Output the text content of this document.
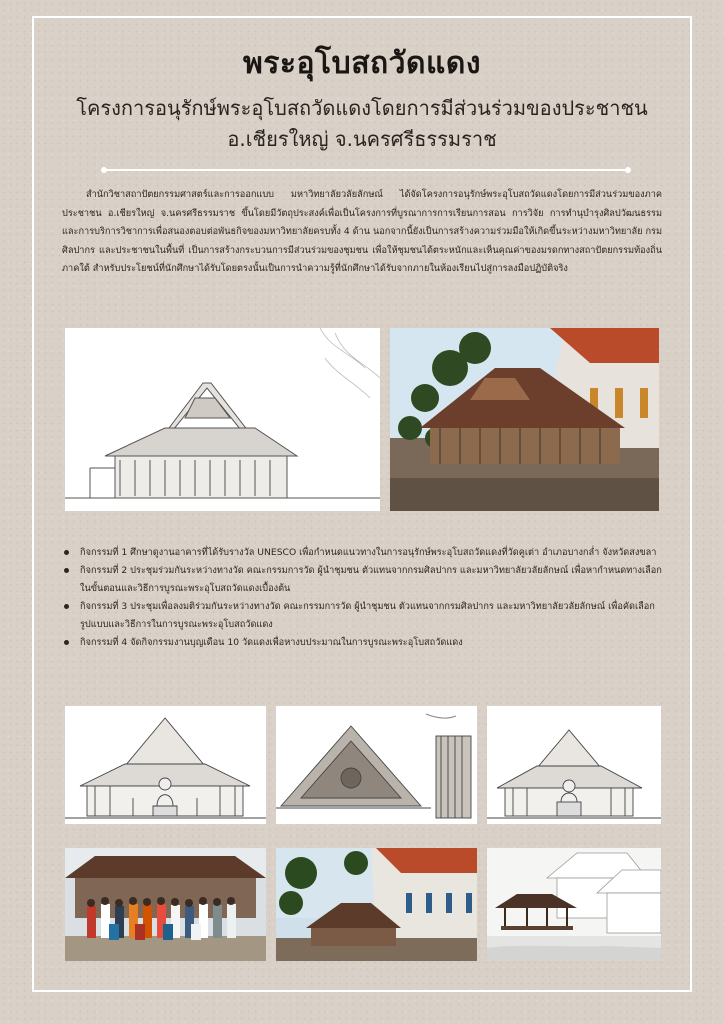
พระอุโบสถวัดแดง
โครงการอนุรักษ์พระอุโบสถวัดแดงโดยการมีส่วนร่วมของประชาชน
อ.เชียรใหญ่ จ.นครศรีธรรมราช

สำนักวิชาสถาปัตยกรรมศาสตร์และการออกแบบ มหาวิทยาลัยวลัยลักษณ์ ได้จัดโครงการอนุรักษ์พระอุโบสถวัดแดงโดยการมีส่วนร่วมของภาคประชาชน อ.เชียรใหญ่ จ.นครศรีธรรมราช ขึ้นโดยมีวัตถุประสงค์เพื่อเป็นโครงการที่บูรณาการการเรียนการสอน การวิจัย การทำนุบำรุงศิลปวัฒนธรรม และการบริการวิชาการเพื่อสนองตอบต่อพันธกิจของมหาวิทยาลัยครบทั้ง 4 ด้าน นอกจากนี้ยังเป็นการสร้างความร่วมมือให้เกิดขึ้นระหว่างมหาวิทยาลัย กรมศิลปากร และประชาชนในพื้นที่ เป็นการสร้างกระบวนการมีส่วนร่วมของชุมชน เพื่อให้ชุมชนได้ตระหนักและเห็นคุณค่าของมรดกทางสถาปัตยกรรมท้องถิ่นภาคใต้ สำหรับประโยชน์ที่นักศึกษาได้รับโดยตรงนั้นเป็นการนำความรู้ที่นักศึกษาได้รับจากภายในห้องเรียนไปสู่การลงมือปฏิบัติจริง

กิจกรรมที่ 1 ศึกษาดูงานอาคารที่ได้รับรางวัล UNESCO เพื่อกำหนดแนวทางในการอนุรักษ์พระอุโบสถวัดแดงที่วัดคูเต่า อำเภอบางกล่ำ จังหวัดสงขลา
กิจกรรมที่ 2 ประชุมร่วมกันระหว่างทางวัด คณะกรรมการวัด ผู้นำชุมชน ตัวแทนจากกรมศิลปากร และมหาวิทยาลัยวลัยลักษณ์ เพื่อหากำหนดทางเลือกในขั้นตอนและวิธีการบูรณะพระอุโบสถวัดแดงเบื้องต้น
กิจกรรมที่ 3 ประชุมเพื่อลงมติร่วมกันระหว่างทางวัด คณะกรรมการวัด ผู้นำชุมชน ตัวแทนจากกรมศิลปากร และมหาวิทยาลัยวลัยลักษณ์ เพื่อคัดเลือกรูปแบบและวิธีการในการบูรณะพระอุโบสถวัดแดง
กิจกรรมที่ 4 จัดกิจกรรมงานบุญเดือน 10 วัดแดงเพื่อหางบประมาณในการบูรณะพระอุโบสถวัดแดง
